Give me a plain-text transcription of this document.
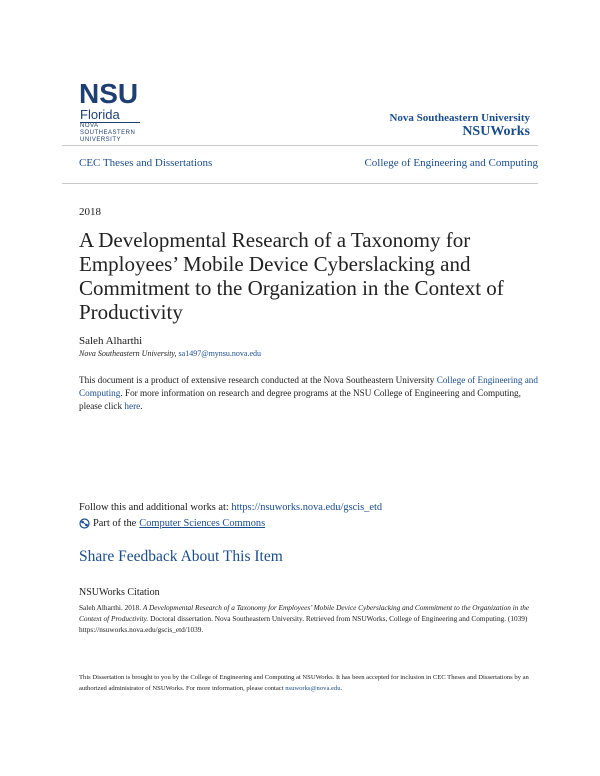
NSU
Florida
NOVA SOUTHEASTERN UNIVERSITY
Nova Southeastern University
NSUWorks
CEC Theses and Dissertations	College of Engineering and Computing
2018
A Developmental Research of a Taxonomy for Employees’ Mobile Device Cyberslacking and Commitment to the Organization in the Context of Productivity
Saleh Alharthi
Nova Southeastern University, sa1497@mynsu.nova.edu
This document is a product of extensive research conducted at the Nova Southeastern University College of Engineering and Computing. For more information on research and degree programs at the NSU College of Engineering and Computing, please click here.
Follow this and additional works at: https://nsuworks.nova.edu/gscis_etd
Part of the Computer Sciences Commons
Share Feedback About This Item
NSUWorks Citation
Saleh Alharthi. 2018. A Developmental Research of a Taxonomy for Employees’ Mobile Device Cyberslacking and Commitment to the Organization in the Context of Productivity. Doctoral dissertation. Nova Southeastern University. Retrieved from NSUWorks, College of Engineering and Computing. (1039) https://nsuworks.nova.edu/gscis_etd/1039.
This Dissertation is brought to you by the College of Engineering and Computing at NSUWorks. It has been accepted for inclusion in CEC Theses and Dissertations by an authorized administrator of NSUWorks. For more information, please contact nsuworks@nova.edu.
